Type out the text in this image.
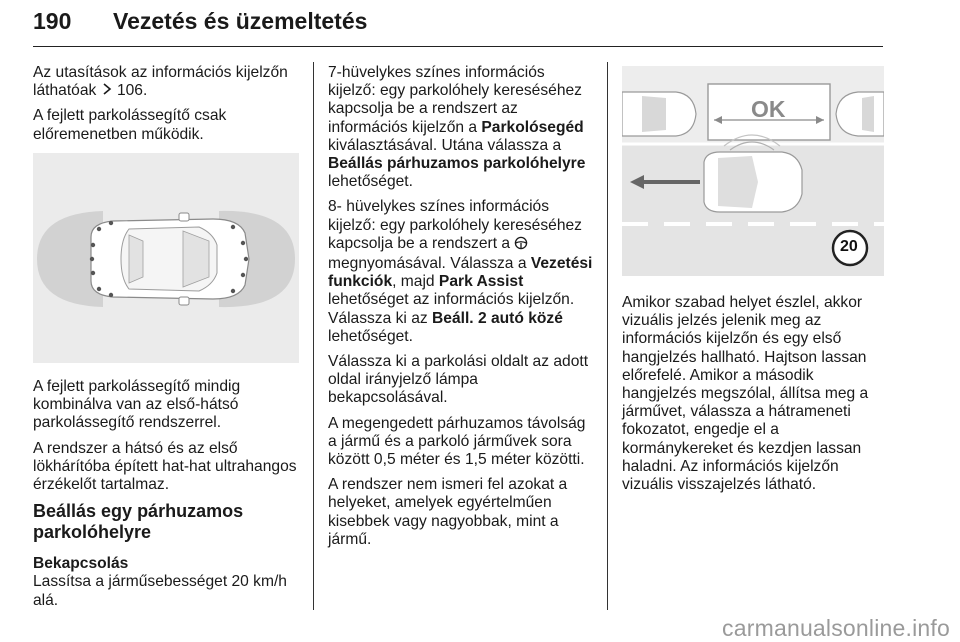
190 Vezetés és üzemeltetés

Az utasítások az információs kijelzőn láthatóak  106.

A fejlett parkolássegítő csak előremenetben működik.

A fejlett parkolássegítő mindig kombinálva van az első-hátsó parkolássegítő rendszerrel.

A rendszer a hátsó és az első lökhárítóba épített hat-hat ultrahangos érzékelőt tartalmaz.

Beállás egy párhuzamos parkolóhelyre

Bekapcsolás

Lassítsa a járműsebességet 20 km/h alá.

7-hüvelykes színes információs kijelző: egy parkolóhely kereséséhez kapcsolja be a rendszert az információs kijelzőn a Parkolósegéd kiválasztásával. Utána válassza a Beállás párhuzamos parkolóhelyre lehetőséget.

8- hüvelykes színes információs kijelző: egy parkolóhely kereséséhez kapcsolja be a rendszert a  megnyomásával. Válassza a Vezetési funkciók, majd Park Assist lehetőséget az információs kijelzőn. Válassza ki az Beáll. 2 autó közé lehetőséget.

Válassza ki a parkolási oldalt az adott oldal irányjelző lámpa bekapcsolásával.

A megengedett párhuzamos távolság a jármű és a parkoló járművek sora között 0,5 méter és 1,5 méter közötti.

A rendszer nem ismeri fel azokat a helyeket, amelyek egyértelműen kisebbek vagy nagyobbak, mint a jármű.

OK
20

Amikor szabad helyet észlel, akkor vizuális jelzés jelenik meg az információs kijelzőn és egy első hangjelzés hallható. Hajtson lassan előrefelé. Amikor a második hangjelzés megszólal, állítsa meg a járművet, válassza a hátrameneti fokozatot, engedje el a kormánykereket és kezdjen lassan haladni. Az információs kijelzőn vizuális visszajelzés látható.

carmanualsonline.info
